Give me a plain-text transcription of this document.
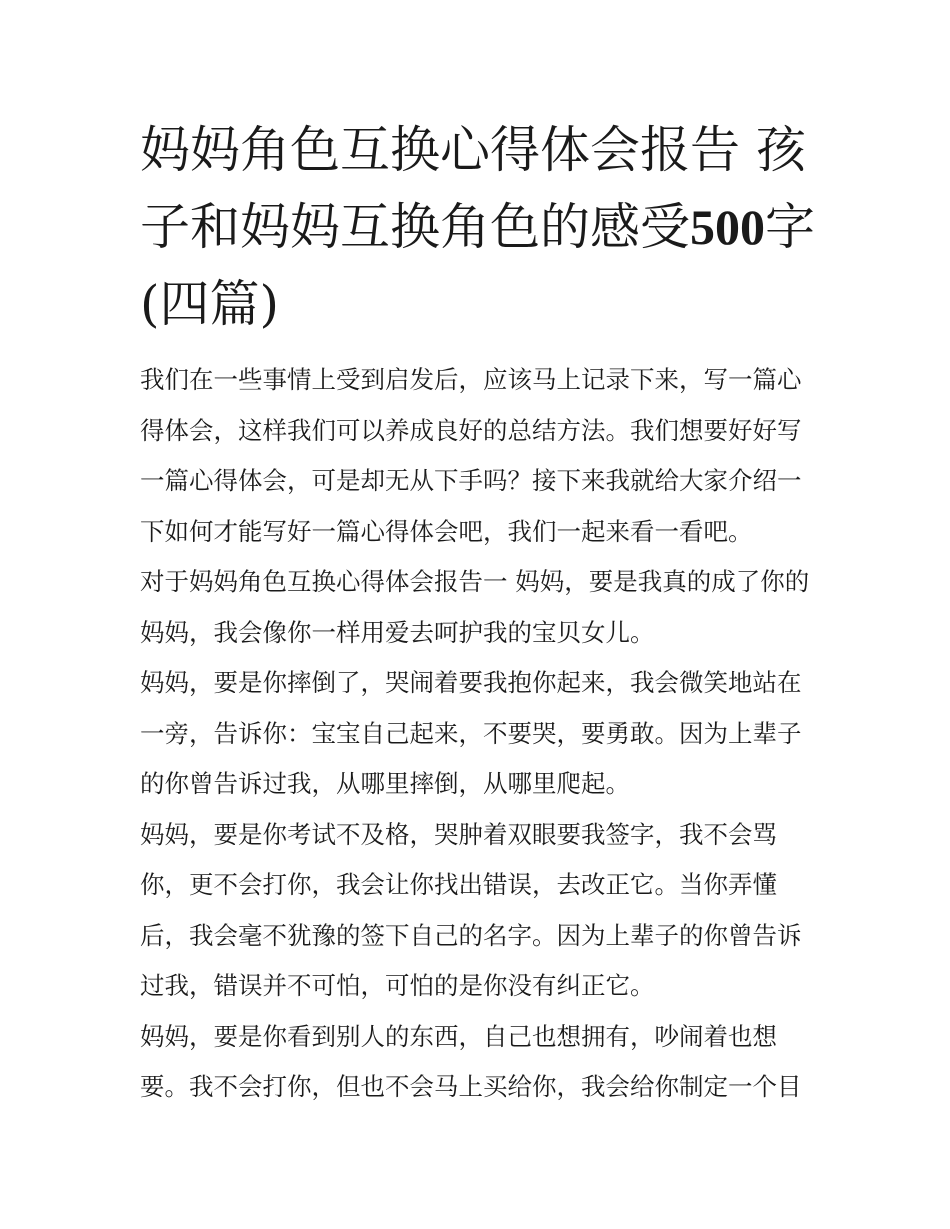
妈妈角色互换心得体会报告 孩子和妈妈互换角色的感受500字(四篇)

我们在一些事情上受到启发后，应该马上记录下来，写一篇心得体会，这样我们可以养成良好的总结方法。我们想要好好写一篇心得体会，可是却无从下手吗？接下来我就给大家介绍一下如何才能写好一篇心得体会吧，我们一起来看一看吧。

对于妈妈角色互换心得体会报告一 妈妈，要是我真的成了你的妈妈，我会像你一样用爱去呵护我的宝贝女儿。

妈妈，要是你摔倒了，哭闹着要我抱你起来，我会微笑地站在一旁，告诉你：宝宝自己起来，不要哭，要勇敢。因为上辈子的你曾告诉过我，从哪里摔倒，从哪里爬起。

妈妈，要是你考试不及格，哭肿着双眼要我签字，我不会骂你，更不会打你，我会让你找出错误，去改正它。当你弄懂后，我会毫不犹豫的签下自己的名字。因为上辈子的你曾告诉过我，错误并不可怕，可怕的是你没有纠正它。

妈妈，要是你看到别人的东西，自己也想拥有，吵闹着也想要。我不会打你，但也不会马上买给你，我会给你制定一个目
